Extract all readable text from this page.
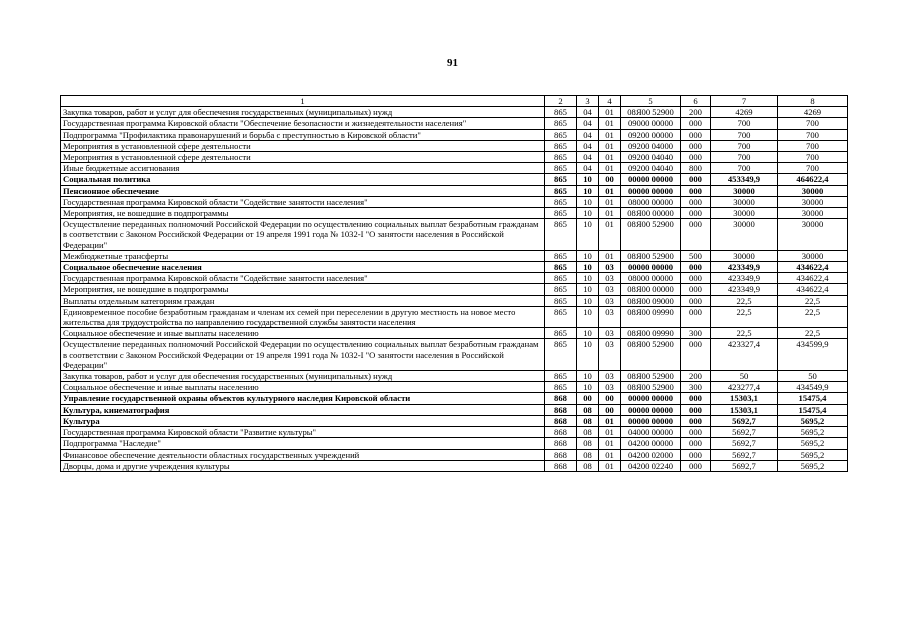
91
1	2	3	4	5	6	7	8
Закупка товаров, работ и услуг для обеспечения государственных (муниципальных) нужд	865	04	01	08Я00 52900	200	4269	4269
Государственная программа Кировской области "Обеспечение безопасности и жизнедеятельности населения"	865	04	01	09000 00000	000	700	700
Подпрограмма "Профилактика правонарушений и борьба с преступностью в Кировской области"	865	04	01	09200 00000	000	700	700
Мероприятия в установленной сфере деятельности	865	04	01	09200 04000	000	700	700
Мероприятия в установленной сфере деятельности	865	04	01	09200 04040	000	700	700
Иные бюджетные ассигнования	865	04	01	09200 04040	800	700	700
Социальная политика	865	10	00	00000 00000	000	453349,9	464622,4
Пенсионное обеспечение	865	10	01	00000 00000	000	30000	30000
Государственная программа Кировской области "Содействие занятости населения"	865	10	01	08000 00000	000	30000	30000
Мероприятия, не вошедшие в подпрограммы	865	10	01	08Я00 00000	000	30000	30000
Осуществление переданных полномочий Российской Федерации по осуществлению социальных выплат безработным гражданам в соответствии с Законом Российской Федерации от 19 апреля 1991 года № 1032-I "О занятости населения в Российской Федерации"	865	10	01	08Я00 52900	000	30000	30000
Межбюджетные трансферты	865	10	01	08Я00 52900	500	30000	30000
Социальное обеспечение населения	865	10	03	00000 00000	000	423349,9	434622,4
Государственная программа Кировской области "Содействие занятости населения"	865	10	03	08000 00000	000	423349,9	434622,4
Мероприятия, не вошедшие в подпрограммы	865	10	03	08Я00 00000	000	423349,9	434622,4
Выплаты отдельным категориям граждан	865	10	03	08Я00 09000	000	22,5	22,5
Единовременное пособие безработным гражданам и членам их семей при переселении в другую местность на новое место жительства для трудоустройства по направлению государственной службы занятости населения	865	10	03	08Я00 09990	000	22,5	22,5
Социальное обеспечение и иные выплаты населению	865	10	03	08Я00 09990	300	22,5	22,5
Осуществление переданных полномочий Российской Федерации по осуществлению социальных выплат безработным гражданам в соответствии с Законом Российской Федерации от 19 апреля 1991 года № 1032-I "О занятости населения в Российской Федерации"	865	10	03	08Я00 52900	000	423327,4	434599,9
Закупка товаров, работ и услуг для обеспечения государственных (муниципальных) нужд	865	10	03	08Я00 52900	200	50	50
Социальное обеспечение и иные выплаты населению	865	10	03	08Я00 52900	300	423277,4	434549,9
Управление государственной охраны объектов культурного наследия Кировской области	868	00	00	00000 00000	000	15303,1	15475,4
Культура, кинематография	868	08	00	00000 00000	000	15303,1	15475,4
Культура	868	08	01	00000 00000	000	5692,7	5695,2
Государственная программа Кировской области "Развитие культуры"	868	08	01	04000 00000	000	5692,7	5695,2
Подпрограмма "Наследие"	868	08	01	04200 00000	000	5692,7	5695,2
Финансовое обеспечение деятельности областных государственных учреждений	868	08	01	04200 02000	000	5692,7	5695,2
Дворцы, дома и другие учреждения культуры	868	08	01	04200 02240	000	5692,7	5695,2
